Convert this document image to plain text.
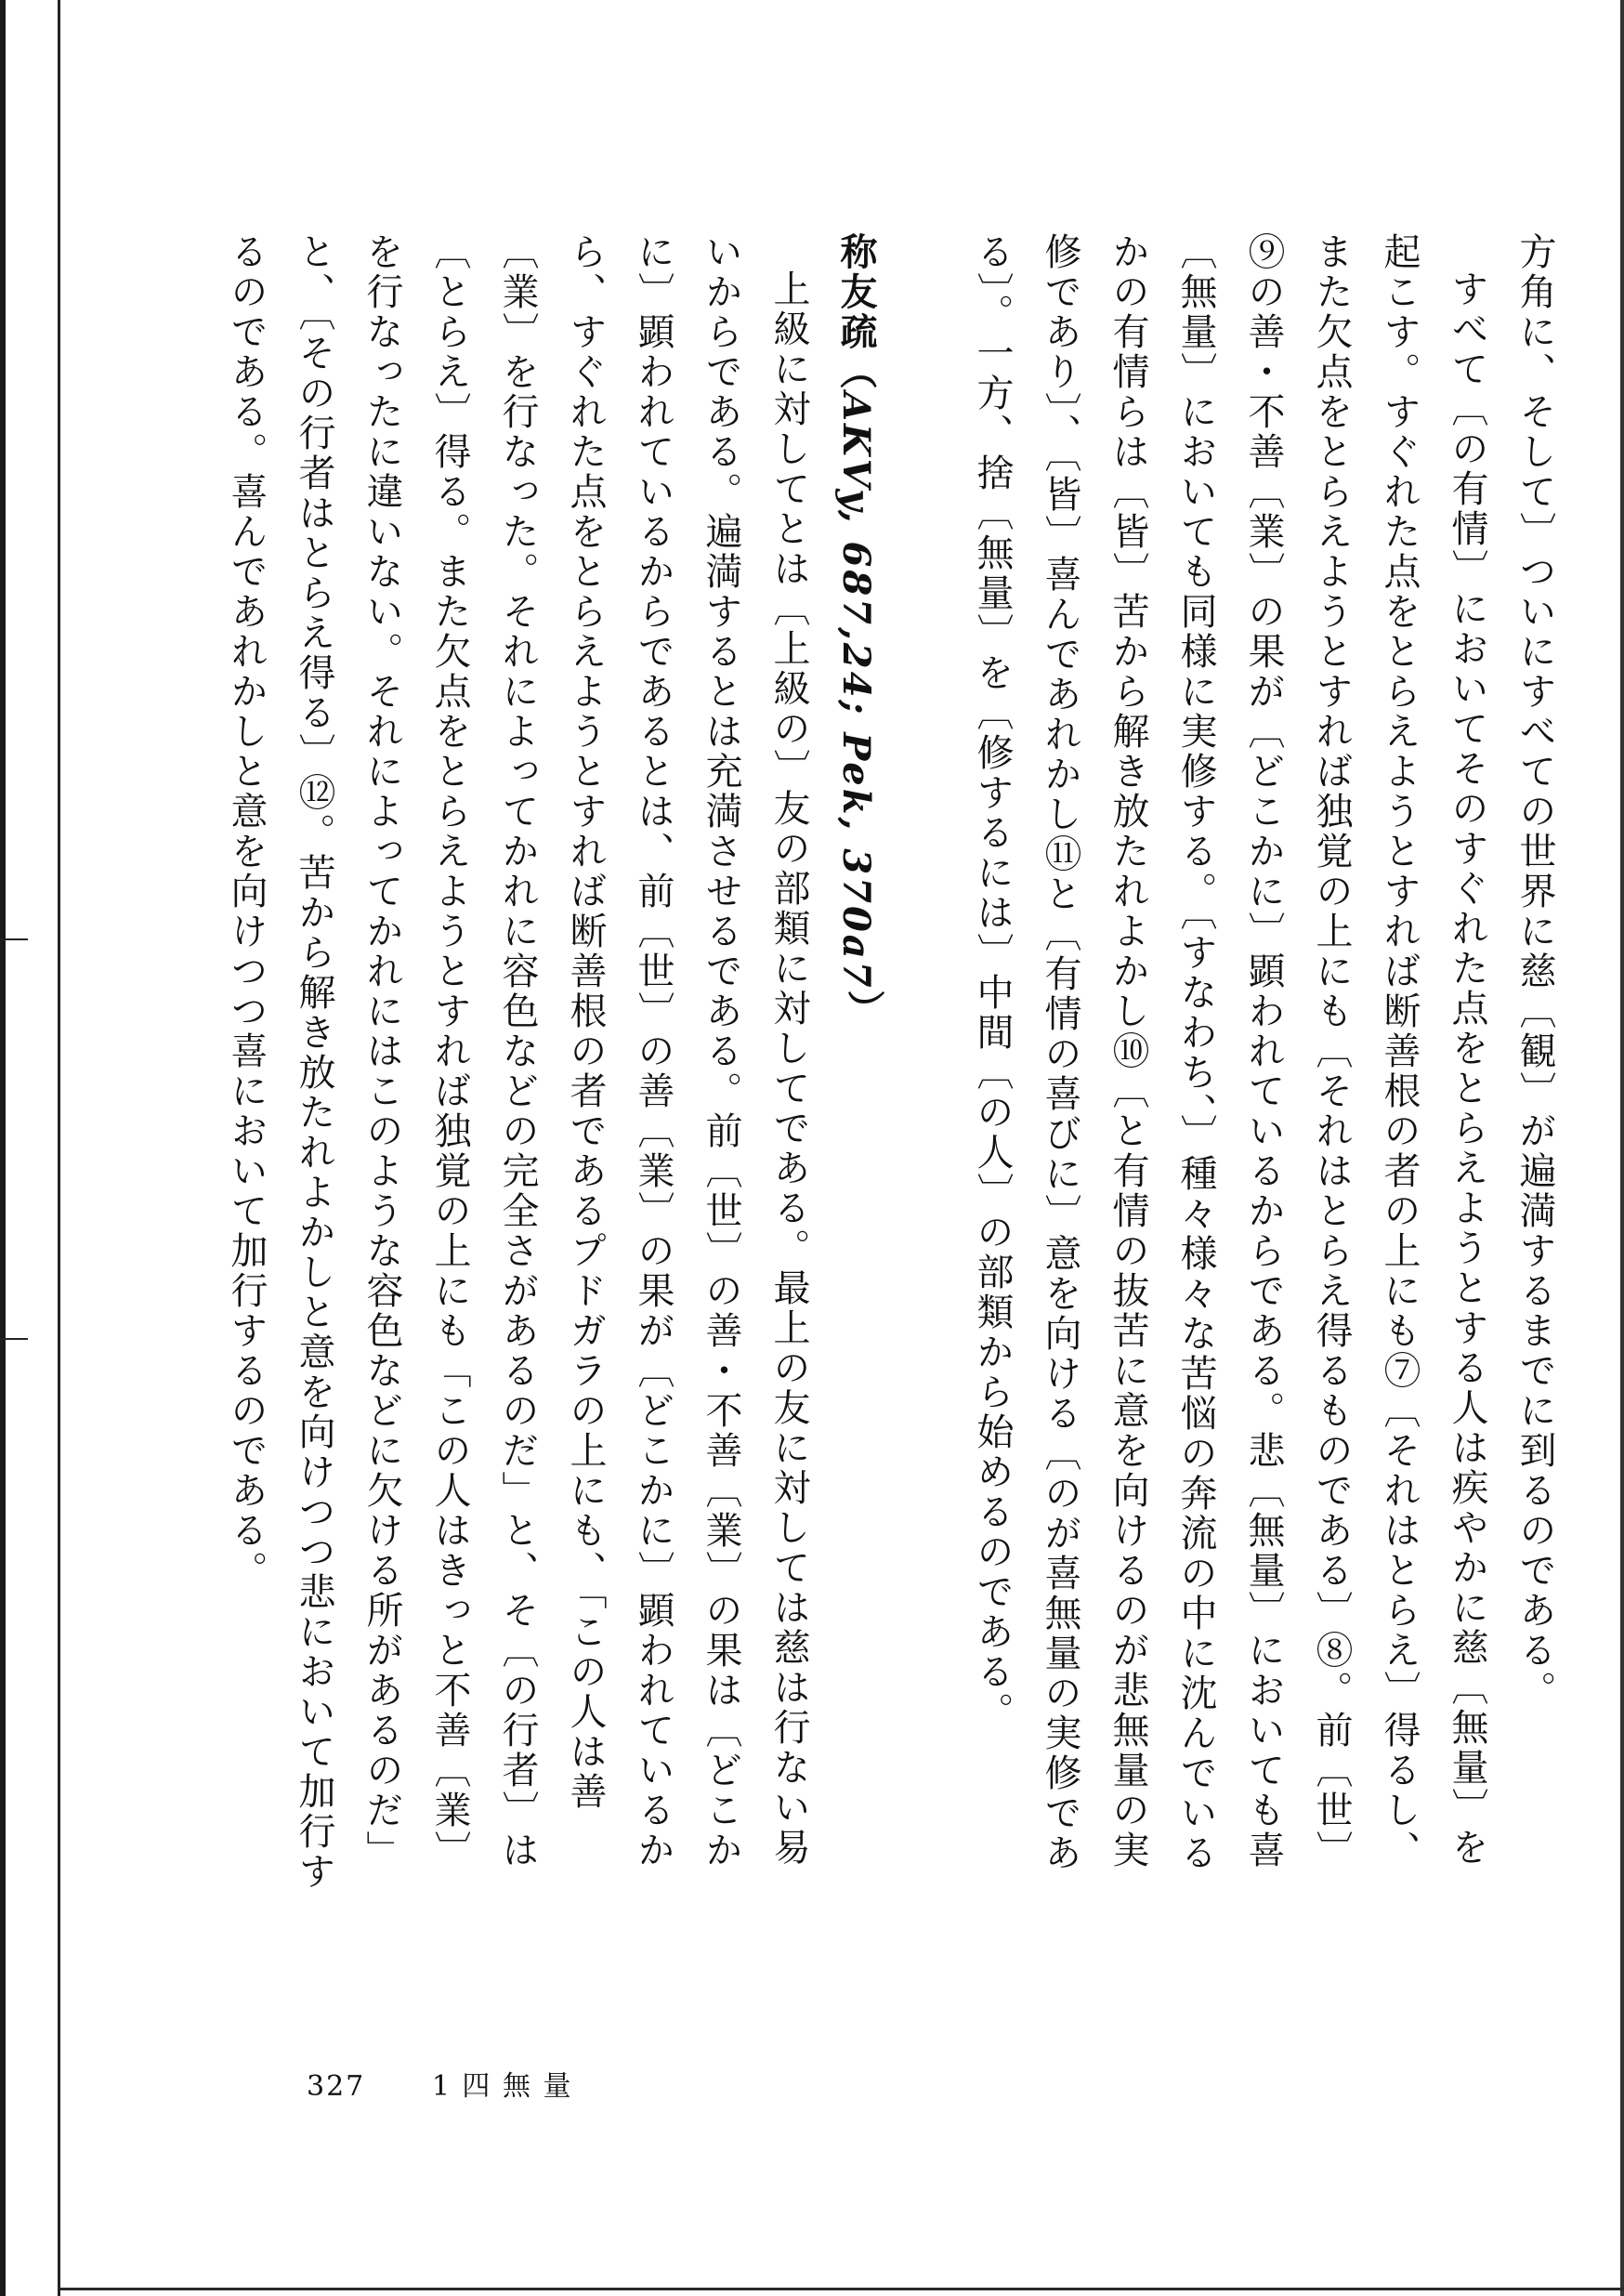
方角に、そして〕ついにすべての世界に慈〔観〕が遍満するまでに到るのである。

すべて〔の有情〕においてそのすぐれた点をとらえようとする人は疾やかに慈〔無量〕を起こす。すぐれた点をとらえようとすれば断善根の者の上にも⑦〔それはとらえ〕得るし、また欠点をとらえようとすれば独覚の上にも〔それはとらえ得るものである〕⑧。前〔世〕⑨の善・不善〔業〕の果が〔どこかに〕顕われているからである。悲〔無量〕においても喜〔無量〕においても同様に実修する。〔すなわち、〕種々様々な苦悩の奔流の中に沈んでいるかの有情らは〔皆〕苦から解き放たれよかし⑩〔と有情の抜苦に意を向けるのが悲無量の実修であり〕、〔皆〕喜んであれかし⑪と〔有情の喜びに〕意を向ける〔のが喜無量の実修である〕。一方、捨〔無量〕を〔修するには〕中間〔の人〕の部類から始めるのである。

称友疏（AKVy, 687,24; Pek, 370a7）

上級に対してとは〔上級の〕友の部類に対してである。最上の友に対しては慈は行ない易いからである。遍満するとは充満させるである。前〔世〕の善・不善〔業〕の果は〔どこかに〕顕われているからであるとは、前〔世〕の善〔業〕の果が〔どこかに〕顕われているから、すぐれた点をとらえようとすれば断善根の者であるプドガラの上にも、「この人は善〔業〕を行なった。それによってかれに容色などの完全さがあるのだ」と、そ〔の行者〕は〔とらえ〕得る。また欠点をとらえようとすれば独覚の上にも「この人はきっと不善〔業〕を行なったに違いない。それによってかれにはこのような容色などに欠ける所があるのだ」と、〔その行者はとらえ得る〕⑫。苦から解き放たれよかしと意を向けつつ悲において加行するのである。喜んであれかしと意を向けつつ喜において加行するのである。

327 1 四 無 量
